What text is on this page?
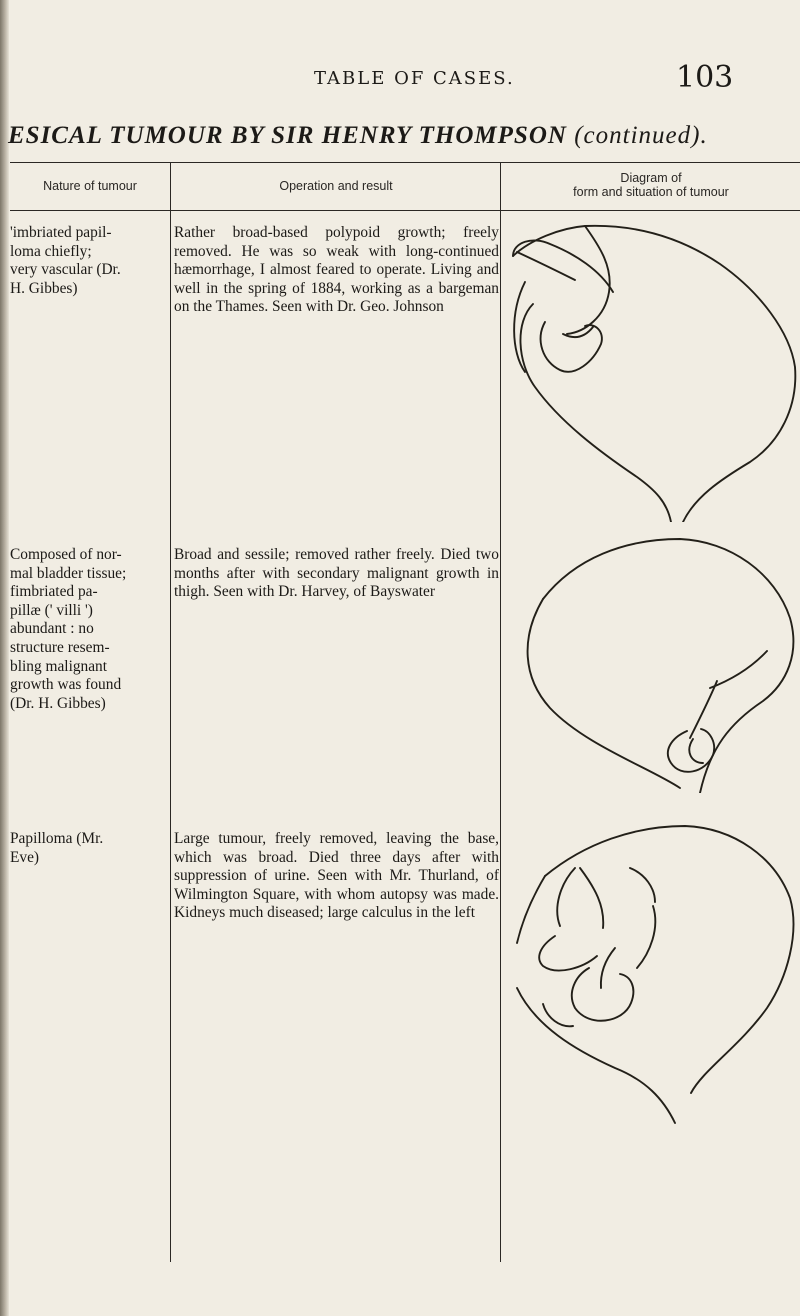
TABLE OF CASES.	103
ESICAL TUMOUR BY SIR HENRY THOMPSON (continued).
Nature of tumour	Operation and result
Diagram of
form and situation of tumour
'imbriated papil-
loma chiefly;
very vascular (Dr.
H. Gibbes)
Rather broad-based polypoid growth; freely removed. He was so weak with long-continued hæmorrhage, I almost feared to operate. Living and well in the spring of 1884, working as a bargeman on the Thames. Seen with Dr. Geo. Johnson
Composed of nor-
mal bladder tissue;
fimbriated pa-
pillæ (' villi ')
abundant : no
structure resem-
bling malignant
growth was found
(Dr. H. Gibbes)
Broad and sessile; removed rather freely. Died two months after with secondary malignant growth in thigh. Seen with Dr. Harvey, of Bayswater
Papilloma (Mr.
Eve)
Large tumour, freely removed, leaving the base, which was broad. Died three days after with suppression of urine. Seen with Mr. Thurland, of Wilmington Square, with whom autopsy was made. Kidneys much diseased; large calculus in the left
